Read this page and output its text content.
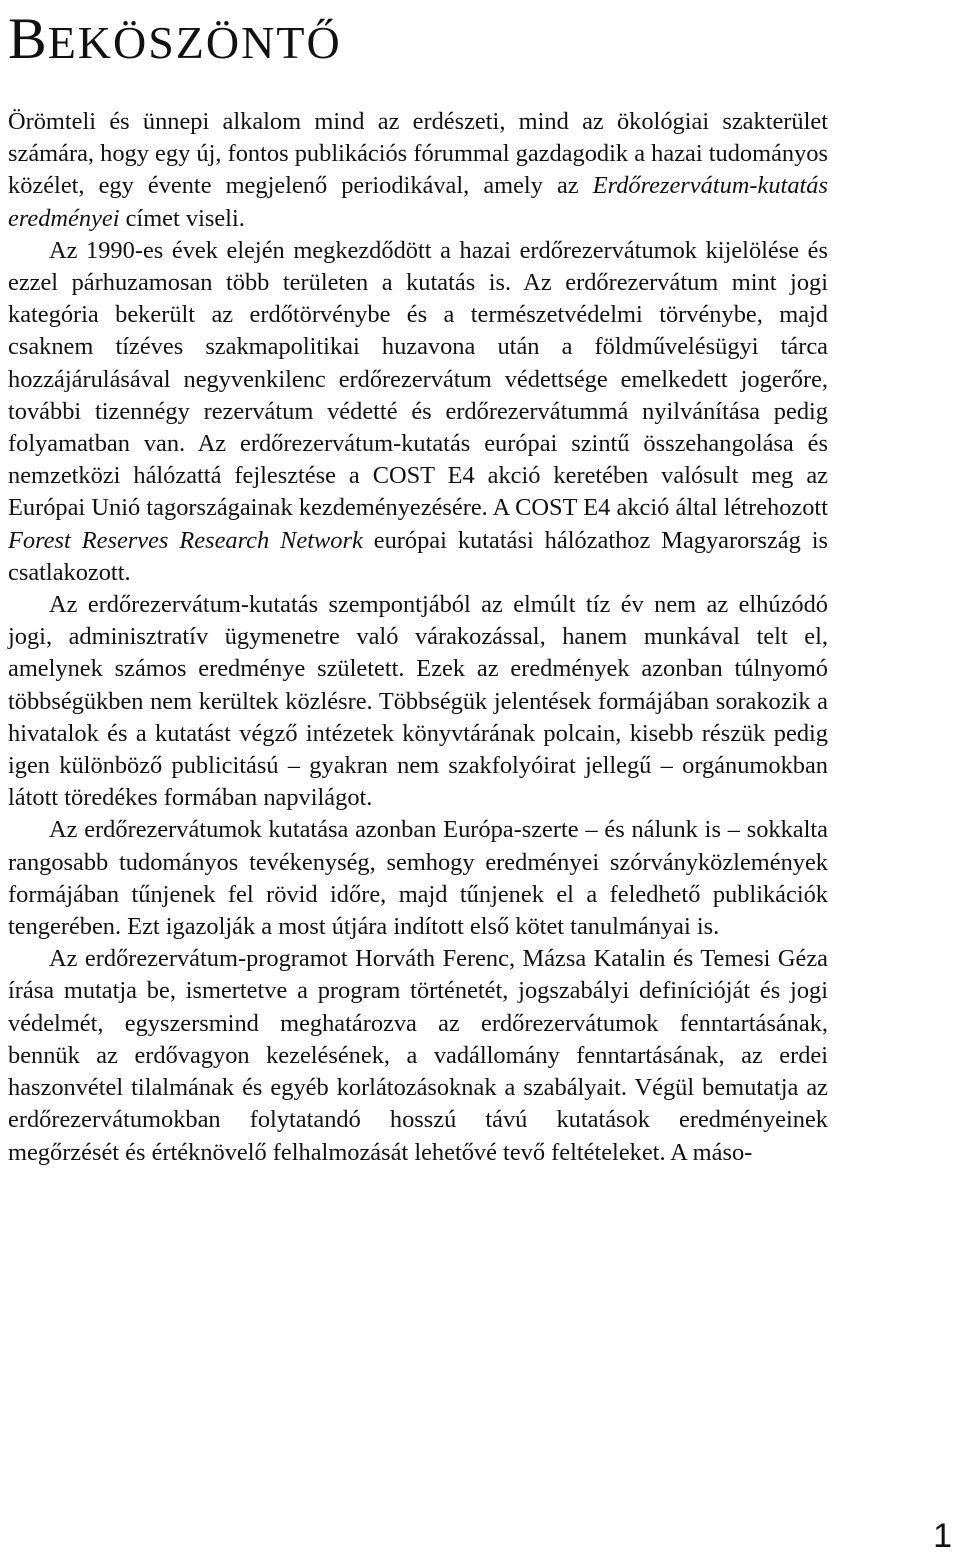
BEKÖSZÖNTŐ

Örömteli és ünnepi alkalom mind az erdészeti, mind az ökológiai szakterület számára, hogy egy új, fontos publikációs fórummal gazdagodik a hazai tudományos közélet, egy évente megjelenő periodikával, amely az Erdőrezervátum-kutatás eredményei címet viseli.

Az 1990-es évek elején megkezdődött a hazai erdőrezervátumok kijelölése és ezzel párhuzamosan több területen a kutatás is. Az erdőrezervátum mint jogi kategória bekerült az erdőtörvénybe és a természetvédelmi törvénybe, majd csaknem tízéves szakmapolitikai huzavona után a földművelésügyi tárca hozzájárulásával negyvenkilenc erdőrezervátum védettsége emelkedett jogerőre, további tizennégy rezervátum védetté és erdőrezervátummá nyilvánítása pedig folyamatban van. Az erdőrezervátum-kutatás európai szintű összehangolása és nemzetközi hálózattá fejlesztése a COST E4 akció keretében valósult meg az Európai Unió tagországainak kezdeményezésére. A COST E4 akció által létrehozott Forest Reserves Research Network európai kutatási hálózathoz Magyarország is csatlakozott.

Az erdőrezervátum-kutatás szempontjából az elmúlt tíz év nem az elhúzódó jogi, adminisztratív ügymenetre való várakozással, hanem munkával telt el, amelynek számos eredménye született. Ezek az eredmények azonban túlnyomó többségükben nem kerültek közlésre. Többségük jelentések formájában sorakozik a hivatalok és a kutatást végző intézetek könyvtárának polcain, kisebb részük pedig igen különböző publicitású – gyakran nem szakfolyóirat jellegű – orgánumokban látott töredékes formában napvilágot.

Az erdőrezervátumok kutatása azonban Európa-szerte – és nálunk is – sokkalta rangosabb tudományos tevékenység, semhogy eredményei szórványközlemények formájában tűnjenek fel rövid időre, majd tűnjenek el a feledhető publikációk tengerében. Ezt igazolják a most útjára indított első kötet tanulmányai is.

Az erdőrezervátum-programot Horváth Ferenc, Mázsa Katalin és Temesi Géza írása mutatja be, ismertetve a program történetét, jogszabályi definícióját és jogi védelmét, egyszersmind meghatározva az erdőrezervátumok fenntartásának, bennük az erdővagyon kezelésének, a vadállomány fenntartásának, az erdei haszonvétel tilalmának és egyéb korlátozásoknak a szabályait. Végül bemutatja az erdőrezervátumokban folytatandó hosszú távú kutatások eredményeinek megőrzését és értéknövelő felhalmozását lehetővé tevő feltételeket. A máso-

1
